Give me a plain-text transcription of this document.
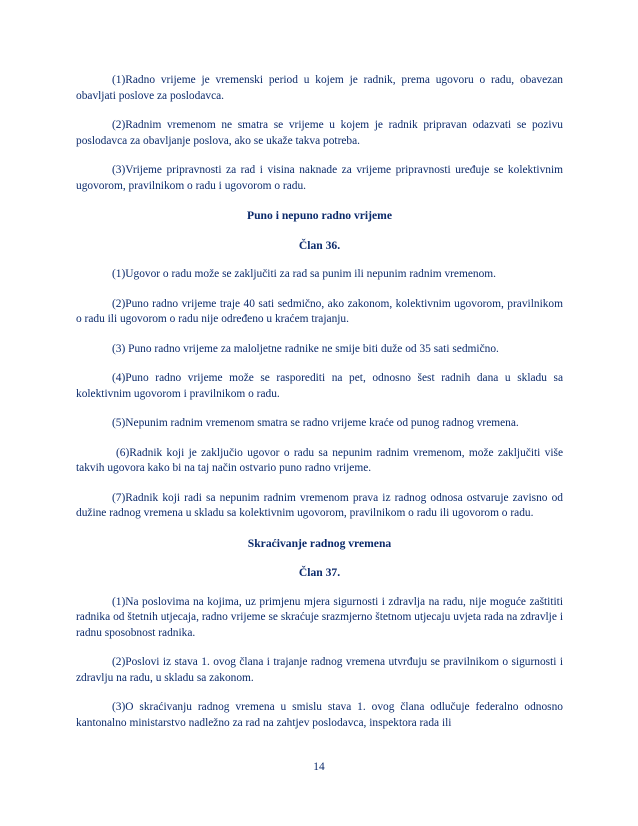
(1)Radno vrijeme je vremenski period u kojem je radnik, prema ugovoru o radu, obavezan obavljati poslove za poslodavca.

(2)Radnim vremenom ne smatra se vrijeme u kojem je radnik pripravan odazvati se pozivu poslodavca za obavljanje poslova, ako se ukaže takva potreba.

(3)Vrijeme pripravnosti za rad i visina naknade za vrijeme pripravnosti uređuje se kolektivnim ugovorom, pravilnikom o radu i ugovorom o radu.

Puno i nepuno radno vrijeme
Član 36.

(1)Ugovor o radu može se zaključiti za rad sa punim ili nepunim radnim vremenom.

(2)Puno radno vrijeme traje 40 sati sedmično, ako zakonom, kolektivnim ugovorom, pravilnikom o radu ili ugovorom o radu nije određeno u kraćem trajanju.

(3) Puno radno vrijeme za maloljetne radnike ne smije biti duže od 35 sati sedmično.

(4)Puno radno vrijeme može se rasporediti na pet, odnosno šest radnih dana u skladu sa kolektivnim ugovorom i pravilnikom o radu.

(5)Nepunim radnim vremenom smatra se radno vrijeme kraće od punog radnog vremena.

(6)Radnik koji je zaključio ugovor o radu sa nepunim radnim vremenom, može zaključiti više takvih ugovora kako bi na taj način ostvario puno radno vrijeme.

(7)Radnik koji radi sa nepunim radnim vremenom prava iz radnog odnosa ostvaruje zavisno od dužine radnog vremena u skladu sa kolektivnim ugovorom, pravilnikom o radu ili ugovorom o radu.

Skraćivanje radnog vremena
Član 37.

(1)Na poslovima na kojima, uz primjenu mjera sigurnosti i zdravlja na radu, nije moguće zaštititi radnika od štetnih utjecaja, radno vrijeme se skraćuje srazmjerno štetnom utjecaju uvjeta rada na zdravlje i radnu sposobnost radnika.

(2)Poslovi iz stava 1. ovog člana i trajanje radnog vremena utvrđuju se pravilnikom o sigurnosti i zdravlju na radu, u skladu sa zakonom.

(3)O skraćivanju radnog vremena u smislu stava 1. ovog člana odlučuje federalno odnosno kantonalno ministarstvo nadležno za rad na zahtjev poslodavca, inspektora rada ili

14
